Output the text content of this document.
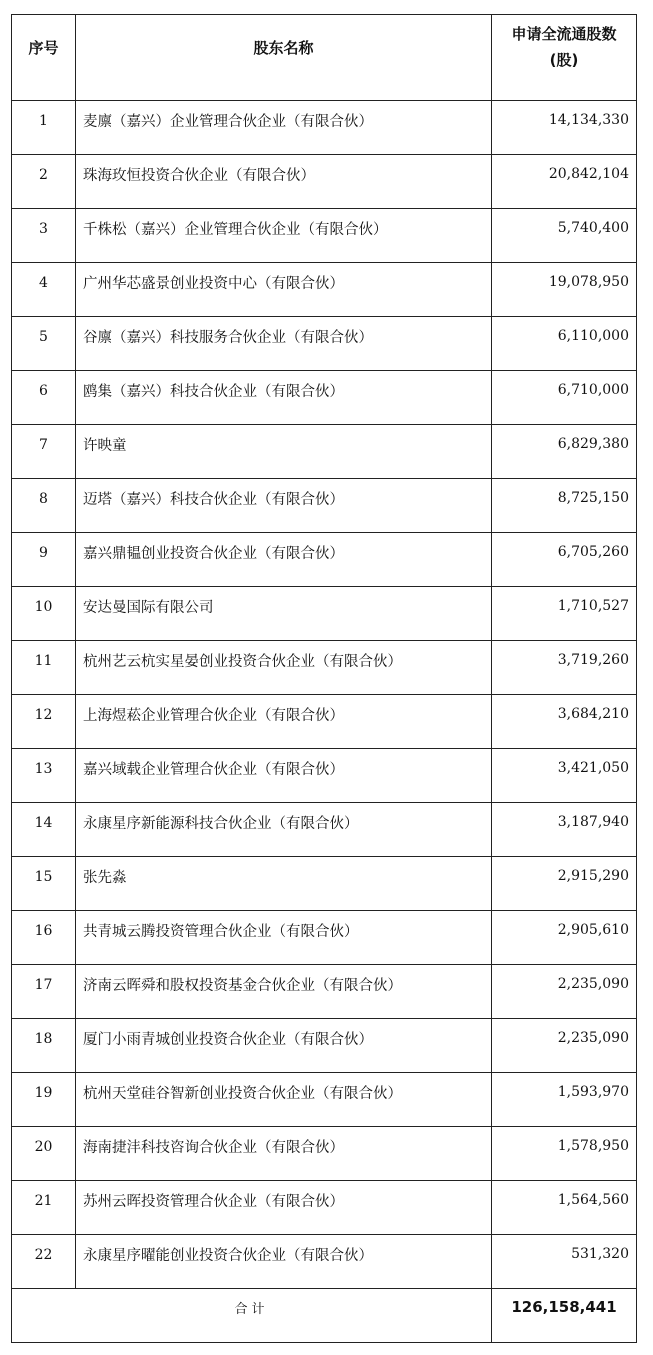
序号	股东名称	申请全流通股数
(股)

1	麦廪（嘉兴）企业管理合伙企业（有限合伙）	14,134,330
2	珠海玫恒投资合伙企业（有限合伙）	20,842,104
3	千株松（嘉兴）企业管理合伙企业（有限合伙）	5,740,400
4	广州华芯盛景创业投资中心（有限合伙）	19,078,950
5	谷廪（嘉兴）科技服务合伙企业（有限合伙）	6,110,000
6	鸥集（嘉兴）科技合伙企业（有限合伙）	6,710,000
7	许映童	6,829,380
8	迈塔（嘉兴）科技合伙企业（有限合伙）	8,725,150
9	嘉兴鼎韫创业投资合伙企业（有限合伙）	6,705,260
10	安达曼国际有限公司	1,710,527
11	杭州艺云杭实星晏创业投资合伙企业（有限合伙）	3,719,260
12	上海煜菘企业管理合伙企业（有限合伙）	3,684,210
13	嘉兴域载企业管理合伙企业（有限合伙）	3,421,050
14	永康星序新能源科技合伙企业（有限合伙）	3,187,940
15	张先淼	2,915,290
16	共青城云腾投资管理合伙企业（有限合伙）	2,905,610
17	济南云晖舜和股权投资基金合伙企业（有限合伙）	2,235,090
18	厦门小雨青城创业投资合伙企业（有限合伙）	2,235,090
19	杭州天堂硅谷智新创业投资合伙企业（有限合伙）	1,593,970
20	海南捷沣科技咨询合伙企业（有限合伙）	1,578,950
21	苏州云晖投资管理合伙企业（有限合伙）	1,564,560
22	永康星序曜能创业投资合伙企业（有限合伙）	531,320
合计		126,158,441
